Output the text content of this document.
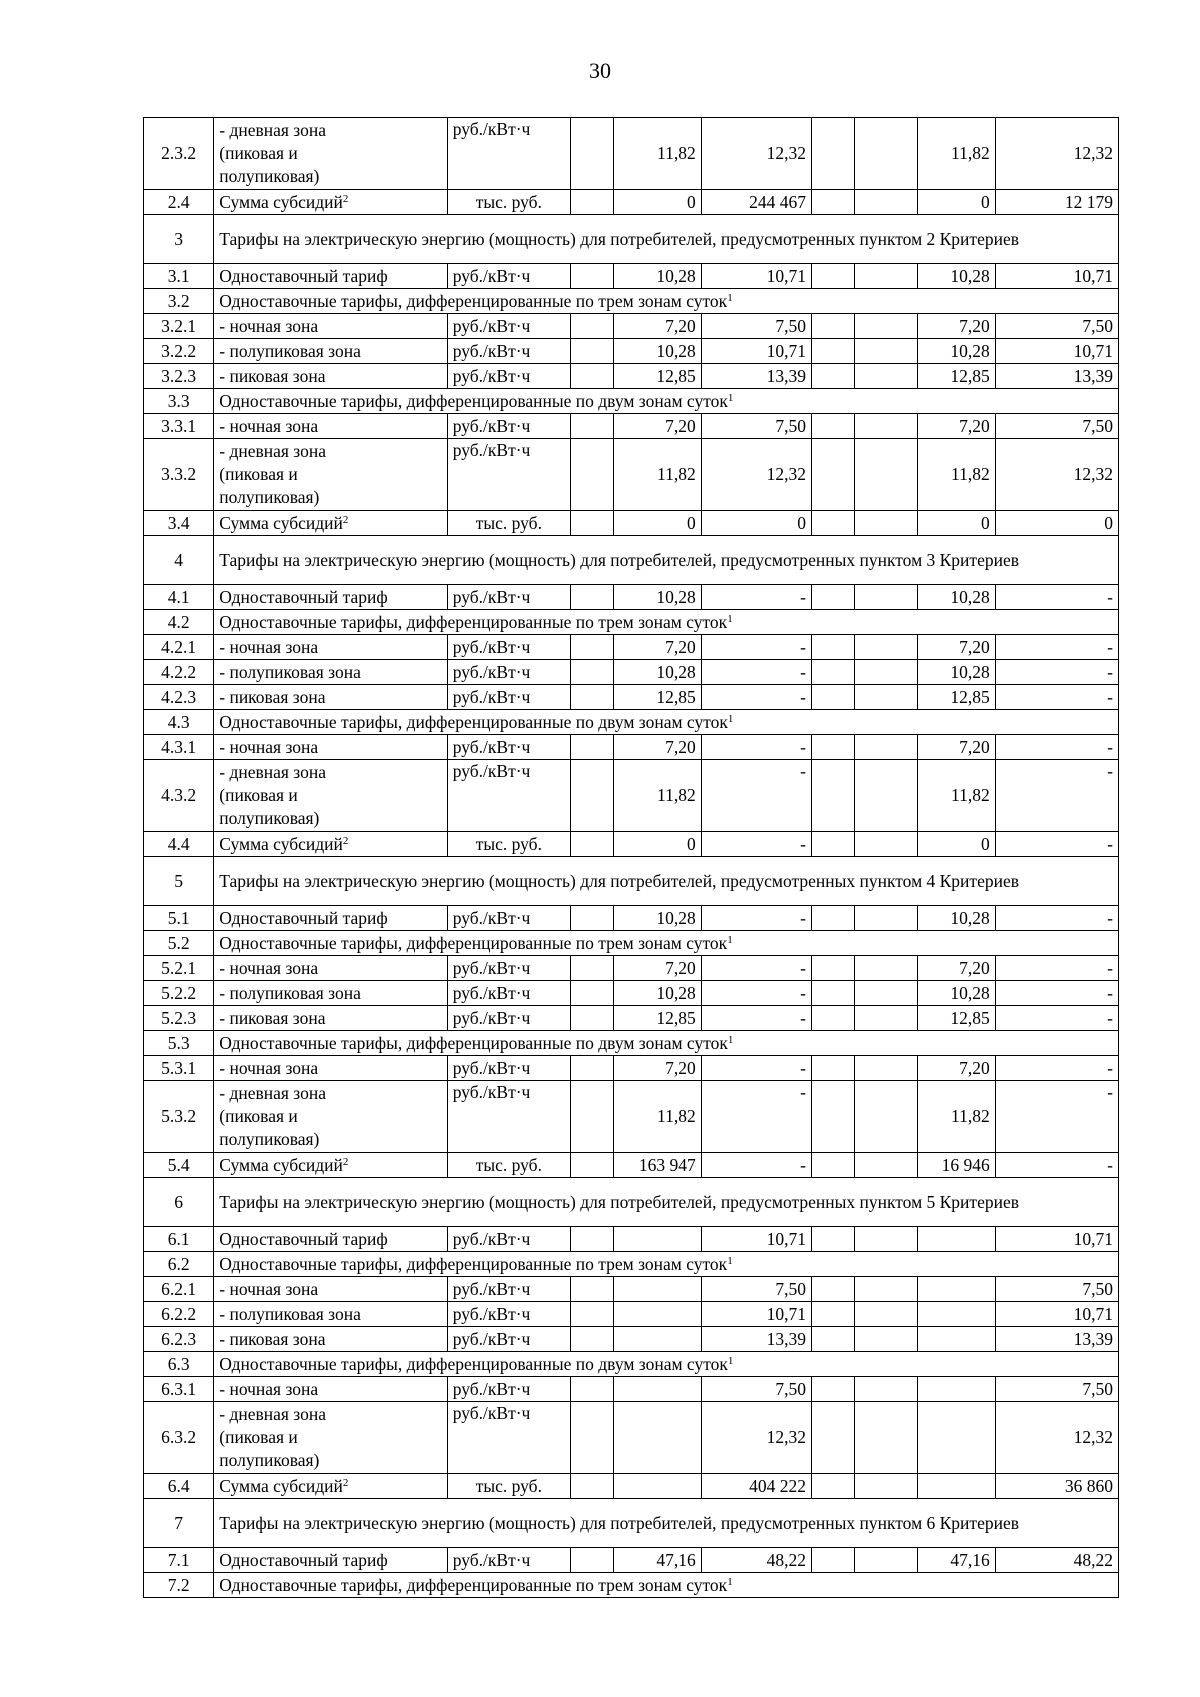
30
2.3.2	- дневная зона
(пиковая и
полупиковая)	руб./кВт·ч		11,82	12,32			11,82	12,32
2.4	Сумма субсидий$^2$	тыс. руб.		0	244 467			0	12 179
3	Тарифы на электрическую энергию (мощность) для потребителей, предусмотренных пунктом 2 Критериев								
3.1	Одноставочный тариф	руб./кВт·ч		10,28	10,71			10,28	10,71
3.2	Одноставочные тарифы, дифференцированные по трем зонам суток$^1$
3.2.1	- ночная зона	руб./кВт·ч		7,20	7,50			7,20	7,50
3.2.2	- полупиковая зона	руб./кВт·ч		10,28	10,71			10,28	10,71
3.2.3	- пиковая зона	руб./кВт·ч		12,85	13,39			12,85	13,39
3.3	Одноставочные тарифы, дифференцированные по двум зонам суток$^1$
3.3.1	- ночная зона	руб./кВт·ч		7,20	7,50			7,20	7,50
3.3.2	- дневная зона
(пиковая и
полупиковая)	руб./кВт·ч		11,82	12,32			11,82	12,32
3.4	Сумма субсидий$^2$	тыс. руб.		0	0			0	0
4	Тарифы на электрическую энергию (мощность) для потребителей, предусмотренных пунктом 3 Критериев								
4.1	Одноставочный тариф	руб./кВт·ч		10,28	-			10,28	-
4.2	Одноставочные тарифы, дифференцированные по трем зонам суток$^1$
4.2.1	- ночная зона	руб./кВт·ч		7,20	-			7,20	-
4.2.2	- полупиковая зона	руб./кВт·ч		10,28	-			10,28	-
4.2.3	- пиковая зона	руб./кВт·ч		12,85	-			12,85	-
4.3	Одноставочные тарифы, дифференцированные по двум зонам суток$^1$
4.3.1	- ночная зона	руб./кВт·ч		7,20	-			7,20	-
4.3.2	- дневная зона
(пиковая и
полупиковая)	руб./кВт·ч		11,82	-			11,82	-
4.4	Сумма субсидий$^2$	тыс. руб.		0	-			0	-
5	Тарифы на электрическую энергию (мощность) для потребителей, предусмотренных пунктом 4 Критериев								
5.1	Одноставочный тариф	руб./кВт·ч		10,28	-			10,28	-
5.2	Одноставочные тарифы, дифференцированные по трем зонам суток$^1$
5.2.1	- ночная зона	руб./кВт·ч		7,20	-			7,20	-
5.2.2	- полупиковая зона	руб./кВт·ч		10,28	-			10,28	-
5.2.3	- пиковая зона	руб./кВт·ч		12,85	-			12,85	-
5.3	Одноставочные тарифы, дифференцированные по двум зонам суток$^1$
5.3.1	- ночная зона	руб./кВт·ч		7,20	-			7,20	-
5.3.2	- дневная зона
(пиковая и
полупиковая)	руб./кВт·ч		11,82	-			11,82	-
5.4	Сумма субсидий$^2$	тыс. руб.		163 947	-			16 946	-
6	Тарифы на электрическую энергию (мощность) для потребителей, предусмотренных пунктом 5 Критериев								
6.1	Одноставочный тариф	руб./кВт·ч			10,71				10,71
6.2	Одноставочные тарифы, дифференцированные по трем зонам суток$^1$
6.2.1	- ночная зона	руб./кВт·ч			7,50				7,50
6.2.2	- полупиковая зона	руб./кВт·ч			10,71				10,71
6.2.3	- пиковая зона	руб./кВт·ч			13,39				13,39
6.3	Одноставочные тарифы, дифференцированные по двум зонам суток$^1$
6.3.1	- ночная зона	руб./кВт·ч			7,50				7,50
6.3.2	- дневная зона
(пиковая и
полупиковая)	руб./кВт·ч			12,32				12,32
6.4	Сумма субсидий$^2$	тыс. руб.			404 222				36 860
7	Тарифы на электрическую энергию (мощность) для потребителей, предусмотренных пунктом 6 Критериев								
7.1	Одноставочный тариф	руб./кВт·ч		47,16	48,22			47,16	48,22
7.2	Одноставочные тарифы, дифференцированные по трем зонам суток$^1$
